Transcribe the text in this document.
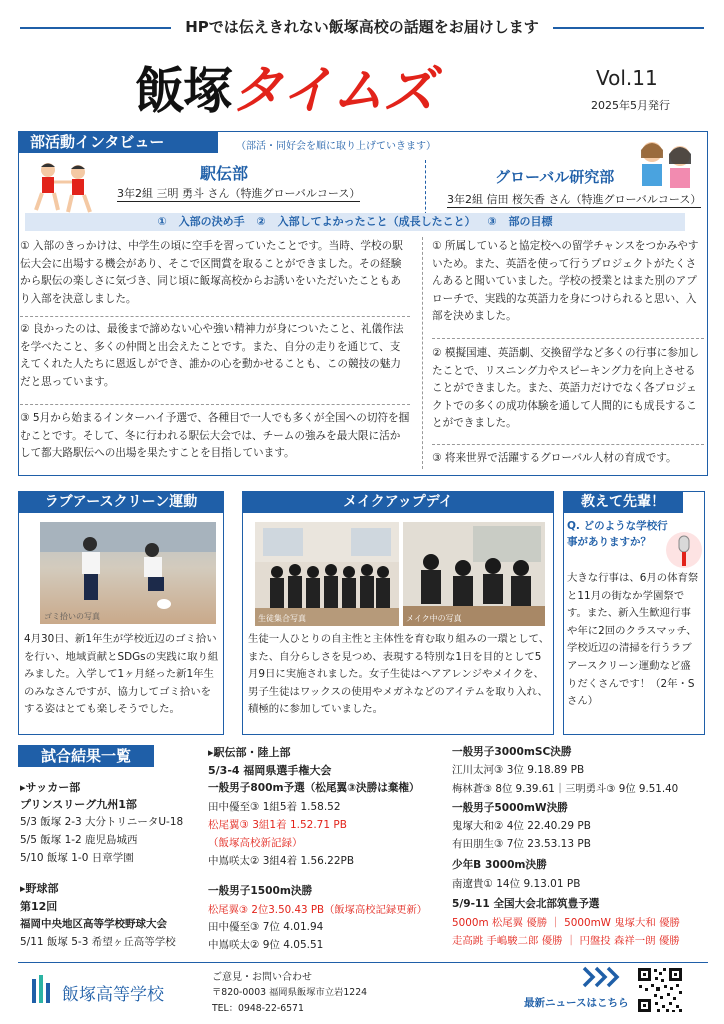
HPでは伝えきれない飯塚高校の話題をお届けします
飯塚タイムズ	Vol.11
2025年5月発行
部活動インタビュー	（部活・同好会を順に取り上げていきます）
駅伝部
3年2組 三明 勇斗 さん（特進グローバルコース）
グローバル研究部
3年2組 信田 桜矢香 さん（特進グローバルコース）
① 入部の決め手 ② 入部してよかったこと（成長したこと） ③ 部の目標
① 入部のきっかけは、中学生の頃に空手を習っていたことです。当時、学校の駅伝大会に出場する機会があり、そこで区間賞を取ることができました。その経験から駅伝の楽しさに気づき、同じ頃に飯塚高校からお誘いをいただいたこともあり入部を決意しました。
② 良かったのは、最後まで諦めない心や強い精神力が身についたこと、礼儀作法を学べたこと、多くの仲間と出会えたことです。また、自分の走りを通じて、支えてくれた人たちに恩返しができ、誰かの心を動かせることも、この競技の魅力だと思っています。
③ 5月から始まるインターハイ予選で、各種目で一人でも多くが全国への切符を掴むことです。そして、冬に行われる駅伝大会では、チームの強みを最大限に活かして都大路駅伝への出場を果たすことを目指しています。
① 所属していると協定校への留学チャンスをつかみやすいため。また、英語を使って行うプロジェクトがたくさんあると聞いていました。学校の授業とはまた別のアプローチで、実践的な英語力を身につけられると思い、入部を決めました。
② 模擬国連、英語劇、交換留学など多くの行事に参加したことで、リスニング力やスピーキング力を向上させることができました。また、英語力だけでなく各プロジェクトでの多くの成功体験を通して人間的にも成長することができました。
③ 将来世界で活躍するグローバル人材の育成です。
ラブアースクリーン運動
ゴミ拾いの写真
4月30日、新1年生が学校近辺のゴミ拾いを行い、地域貢献とSDGsの実践に取り組みました。入学して1ヶ月経った新1年生のみなさんですが、協力してゴミ拾いをする姿はとても楽しそうでした。
メイクアップデイ
生徒集合写真	メイク中の写真
生徒一人ひとりの自主性と主体性を育む取り組みの一環として、また、自分らしさを見つめ、表現する特別な1日を目的として5月9日に実施されました。女子生徒はヘアアレンジやメイクを、男子生徒はワックスの使用やメガネなどのアイテムを取り入れ、積極的に参加していました。
教えて先輩！
Q. どのような学校行事がありますか？
大きな行事は、6月の体育祭と11月の街なか学園祭です。また、新入生歓迎行事や年に2回のクラスマッチ、学校近辺の清掃を行うラブアースクリーン運動など盛りだくさんです！（2年・Sさん）
試合結果一覧
▸サッカー部
プリンスリーグ九州1部
5/3 飯塚 2-3 大分トリニータU-18
5/5 飯塚 1-2 鹿児島城西
5/10 飯塚 1-0 日章学園
▸野球部
第12回
福岡中央地区高等学校野球大会
5/11 飯塚 5-3 希望ヶ丘高等学校
▸駅伝部・陸上部
5/3-4 福岡県選手権大会
一般男子800m予選（松尾翼③決勝は棄権）
田中優至③ 1組5着 1.58.52
松尾翼③ 3組1着 1.52.71 PB
（飯塚高校新記録）
中嶌咲太② 3組4着 1.56.22PB
一般男子1500m決勝
松尾翼③ 2位3.50.43 PB（飯塚高校記録更新）
田中優至③ 7位 4.01.94
中嶌咲太② 9位 4.05.51
一般男子3000mSC決勝
江川太河③ 3位 9.18.89 PB
梅林蒼③ 8位 9.39.61｜三明勇斗③ 9位 9.51.40
一般男子5000mW決勝
鬼塚大和② 4位 22.40.29 PB
有田朋生③ 7位 23.53.13 PB
少年B 3000m決勝
南遼貴① 14位 9.13.01 PB
5/9-11 全国大会北部筑豊予選
5000m 松尾翼 優勝 ｜ 5000mW 鬼塚大和 優勝
走高跳 手嶋駿二郎 優勝 ｜ 円盤投 森祥一朗 優勝
飯塚高等学校
ご意見・お問い合わせ
〒820-0003 福岡県飯塚市立岩1224
TEL：0948-22-6571	最新ニュースはこちら
